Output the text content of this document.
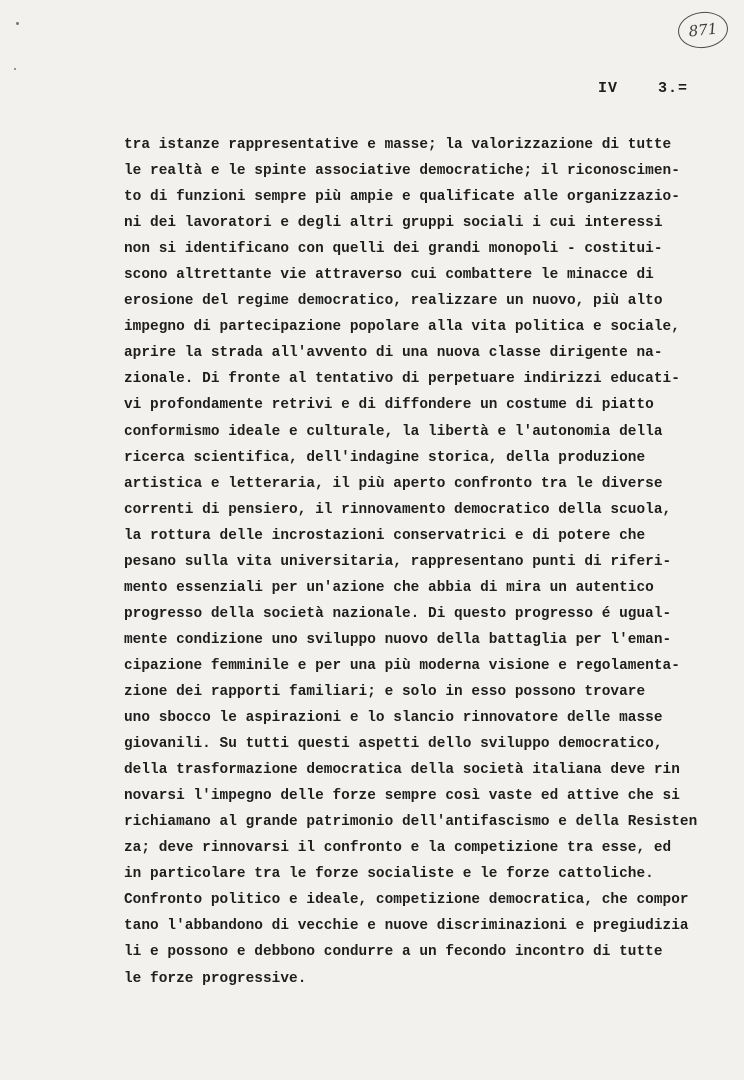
871
IV	3.=
tra istanze rappresentative e masse; la valorizzazione di tutte
le realtà e le spinte associative democratiche; il riconoscimen-
to di funzioni sempre più ampie e qualificate alle organizzazio-
ni dei lavoratori e degli altri gruppi sociali i cui interessi
non si identificano con quelli dei grandi monopoli - costitui-
scono altrettante vie attraverso cui combattere le minacce di
erosione del regime democratico, realizzare un nuovo, più alto
impegno di partecipazione popolare alla vita politica e sociale,
aprire la strada all'avvento di una nuova classe dirigente na-
zionale. Di fronte al tentativo di perpetuare indirizzi educati-
vi profondamente retrivi e di diffondere un costume di piatto
conformismo ideale e culturale, la libertà e l'autonomia della
ricerca scientifica, dell'indagine storica, della produzione
artistica e letteraria, il più aperto confronto tra le diverse
correnti di pensiero, il rinnovamento democratico della scuola,
la rottura delle incrostazioni conservatrici e di potere che
pesano sulla vita universitaria, rappresentano punti di riferi-
mento essenziali per un'azione che abbia di mira un autentico
progresso della società nazionale. Di questo progresso é ugual-
mente condizione uno sviluppo nuovo della battaglia per l'eman-
cipazione femminile e per una più moderna visione e regolamenta-
zione dei rapporti familiari; e solo in esso possono trovare
uno sbocco le aspirazioni e lo slancio rinnovatore delle masse
giovanili. Su tutti questi aspetti dello sviluppo democratico,
della trasformazione democratica della società italiana deve rin
novarsi l'impegno delle forze sempre così vaste ed attive che si
richiamano al grande patrimonio dell'antifascismo e della Resisten
za; deve rinnovarsi il confronto e la competizione tra esse, ed
in particolare tra le forze socialiste e le forze cattoliche.
Confronto politico e ideale, competizione democratica, che compor
tano l'abbandono di vecchie e nuove discriminazioni e pregiudizia
li e possono e debbono condurre a un fecondo incontro di tutte
le forze progressive.
